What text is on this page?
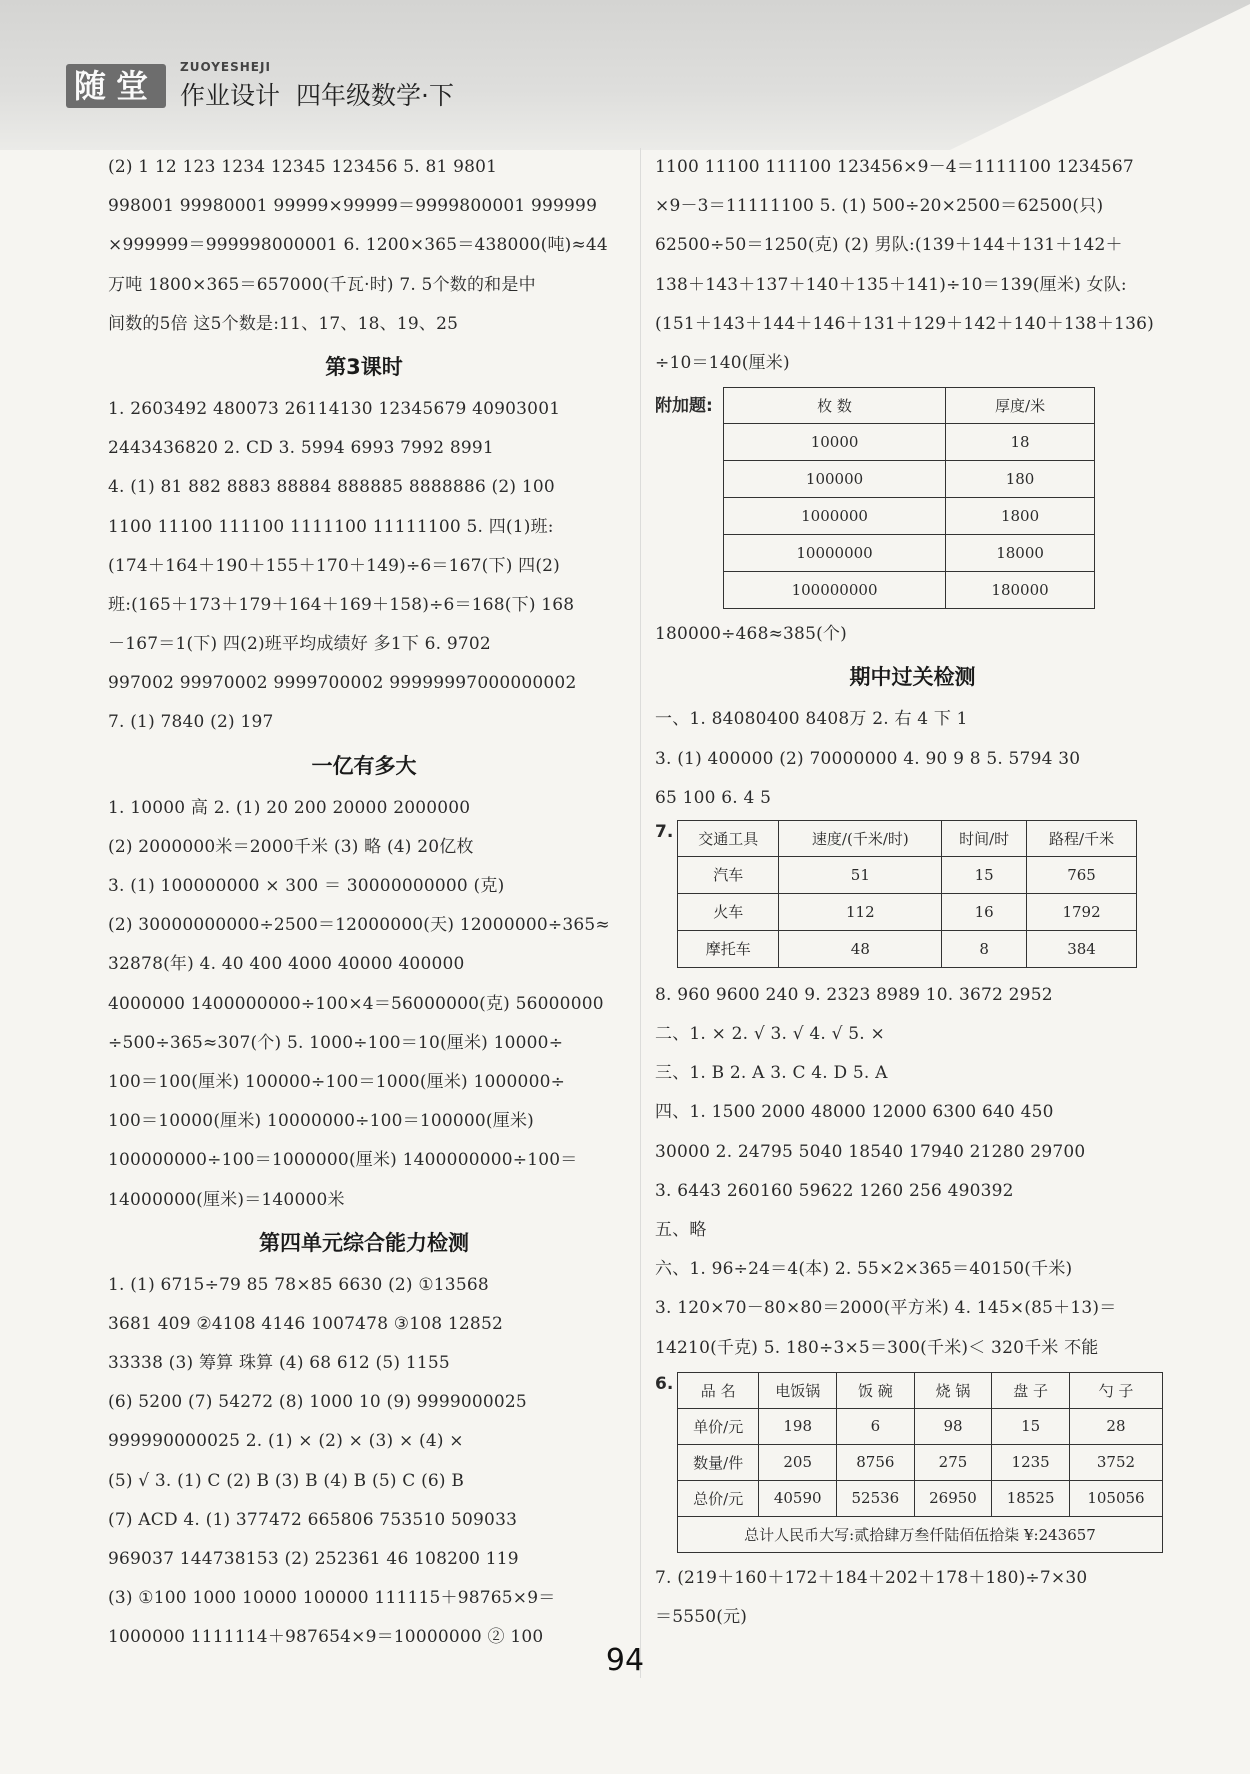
随堂	ZUOYESHEJI
作业设计 四年级数学·下
(2) 1 12 123 1234 12345 123456 5. 81 9801
998001 99980001 99999×99999＝9999800001 999999
×999999＝999998000001 6. 1200×365＝438000(吨)≈44
万吨 1800×365＝657000(千瓦·时) 7. 5个数的和是中
间数的5倍 这5个数是:11、17、18、19、25
第3课时
1. 2603492 480073 26114130 12345679 40903001
2443436820 2. CD 3. 5994 6993 7992 8991
4. (1) 81 882 8883 88884 888885 8888886 (2) 100
1100 11100 111100 1111100 11111100 5. 四(1)班:
(174＋164＋190＋155＋170＋149)÷6＝167(下) 四(2)
班:(165＋173＋179＋164＋169＋158)÷6＝168(下) 168
－167＝1(下) 四(2)班平均成绩好 多1下 6. 9702
997002 99970002 9999700002 99999997000000002
7. (1) 7840 (2) 197
一亿有多大
1. 10000 高 2. (1) 20 200 20000 2000000
(2) 2000000米＝2000千米 (3) 略 (4) 20亿枚
3. (1) 100000000 × 300 ＝ 30000000000 (克)
(2) 30000000000÷2500＝12000000(天) 12000000÷365≈
32878(年) 4. 40 400 4000 40000 400000
4000000 1400000000÷100×4＝56000000(克) 56000000
÷500÷365≈307(个) 5. 1000÷100＝10(厘米) 10000÷
100＝100(厘米) 100000÷100＝1000(厘米) 1000000÷
100＝10000(厘米) 10000000÷100＝100000(厘米)
100000000÷100＝1000000(厘米) 1400000000÷100＝
14000000(厘米)＝140000米
第四单元综合能力检测
1. (1) 6715÷79 85 78×85 6630 (2) ①13568
3681 409 ②4108 4146 1007478 ③108 12852
33338 (3) 筹算 珠算 (4) 68 612 (5) 1155
(6) 5200 (7) 54272 (8) 1000 10 (9) 9999000025
999990000025 2. (1) × (2) × (3) × (4) ×
(5) √ 3. (1) C (2) B (3) B (4) B (5) C (6) B
(7) ACD 4. (1) 377472 665806 753510 509033
969037 144738153 (2) 252361 46 108200 119
(3) ①100 1000 10000 100000 111115＋98765×9＝
1000000 1111114＋987654×9＝10000000 ② 100
1100 11100 111100 123456×9－4＝1111100 1234567
×9－3＝11111100 5. (1) 500÷20×2500＝62500(只)
62500÷50＝1250(克) (2) 男队:(139＋144＋131＋142＋
138＋143＋137＋140＋135＋141)÷10＝139(厘米) 女队:
(151＋143＋144＋146＋131＋129＋142＋140＋138＋136)
÷10＝140(厘米)
附加题:	枚 数	厚度/米
10000	18
100000	180
1000000	1800
10000000	18000
100000000	180000
180000÷468≈385(个)
期中过关检测
一、1. 84080400 8408万 2. 右 4 下 1
3. (1) 400000 (2) 70000000 4. 90 9 8 5. 5794 30
65 100 6. 4 5
7. 交通工具	速度/(千米/时)	时间/时	路程/千米
汽车	51	15	765
火车	112	16	1792
摩托车	48	8	384
8. 960 9600 240 9. 2323 8989 10. 3672 2952
二、1. × 2. √ 3. √ 4. √ 5. ×
三、1. B 2. A 3. C 4. D 5. A
四、1. 1500 2000 48000 12000 6300 640 450
30000 2. 24795 5040 18540 17940 21280 29700
3. 6443 260160 59622 1260 256 490392
五、略
六、1. 96÷24＝4(本) 2. 55×2×365＝40150(千米)
3. 120×70－80×80＝2000(平方米) 4. 145×(85＋13)＝
14210(千克) 5. 180÷3×5＝300(千米)＜ 320千米 不能
6. 品 名	电饭锅	饭 碗	烧 锅	盘 子	勺 子
单价/元	198	6	98	15	28
数量/件	205	8756	275	1235	3752
总价/元	40590	52536	26950	18525	105056
总计人民币大写:贰拾肆万叁仟陆佰伍拾柒 ¥:243657					
7. (219＋160＋172＋184＋202＋178＋180)÷7×30
＝5550(元)
94
